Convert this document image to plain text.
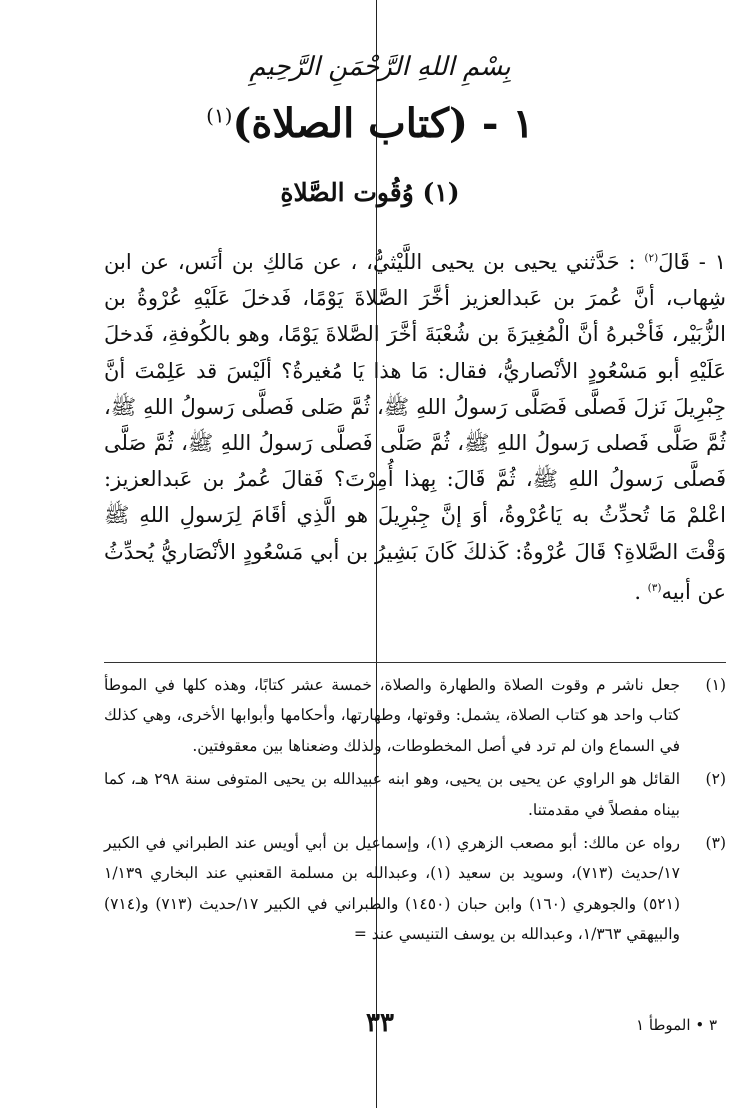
بِسْمِ اللهِ الرَّحْمَنِ الرَّحِيمِ
١ - (كتاب الصلاة)$^{(١)}$
(١) وُقُوت الصَّلاةِ
١ - قَالَ$^{(٢)}$ : حَدَّثني يحيى بن يحيى اللَّيْثيُّ، ، عن مَالكِ بن أنَس، عن ابن شِهاب، أنَّ عُمرَ بن عَبدالعزيز أخَّرَ الصَّلاةَ يَوْمًا، فَدخلَ عَلَيْهِ عُرْوةُ بن الزُّبَيْر، فَأخْبرهُ أنَّ الْمُغِيرَةَ بن شُعْبَةَ أخَّرَ الصَّلاةَ يَوْمًا، وهو بالكُوفةِ، فَدخلَ عَلَيْهِ أبو مَسْعُودٍ الأنْصاريُّ، فقال: مَا هذا يَا مُغيرةُ؟ ألَيْسَ قد عَلِمْتَ أنَّ جِبْرِيلَ نَزلَ فَصلَّى فَصَلَّى رَسولُ اللهِ ﷺ، ثُمَّ صَلى فَصلَّى رَسولُ اللهِ ﷺ، ثُمَّ صَلَّى فَصلى رَسولُ اللهِ ﷺ، ثُمَّ صَلَّى فَصلَّى رَسولُ اللهِ ﷺ، ثُمَّ صَلَّى فَصلَّى رَسولُ اللهِ ﷺ، ثُمَّ قَالَ: بِهذا أُمِرْتَ؟ فَقالَ عُمرُ بن عَبدالعزيز: اعْلمْ مَا تُحدِّثُ به يَاعُرْوةُ، أوَ إنَّ جِبْرِيلَ هو الَّذِي أقَامَ لِرَسولِ اللهِ ﷺ وَقْتَ الصَّلاةِ؟ قَالَ عُرْوةُ: كَذلكَ كَانَ بَشِيرُ بن أبي مَسْعُودٍ الأنْصَاريُّ يُحدِّثُ عن أبيه$^{(٣)}$ .
(١)
جعل ناشر م وقوت الصلاة والطهارة والصلاة، خمسة عشر كتابًا، وهذه كلها في الموطأ كتاب واحد هو كتاب الصلاة، يشمل: وقوتها، وطهارتها، وأحكامها وأبوابها الأخرى، وهي كذلك في السماع وان لم ترد في أصل المخطوطات، ولذلك وضعناها بين معقوفتين.
(٢)
القائل هو الراوي عن يحيى بن يحيى، وهو ابنه عبيدالله بن يحيى المتوفى سنة ٢٩٨ هـ، كما بيناه مفصلاً في مقدمتنا.
(٣)
رواه عن مالك: أبو مصعب الزهري (١)، وإسماعيل بن أبي أويس عند الطبراني في الكبير ١٧/حديث (٧١٣)، وسويد بن سعيد (١)، وعبدالله بن مسلمة القعنبي عند البخاري ١/١٣٩ (٥٢١) والجوهري (١٦٠) وابن حبان (١٤٥٠) والطبراني في الكبير ١٧/حديث (٧١٣) و(٧١٤) والبيهقي ١/٣٦٣، وعبدالله بن يوسف التنيسي عند =
٣ • الموطأ ١
٣٣
